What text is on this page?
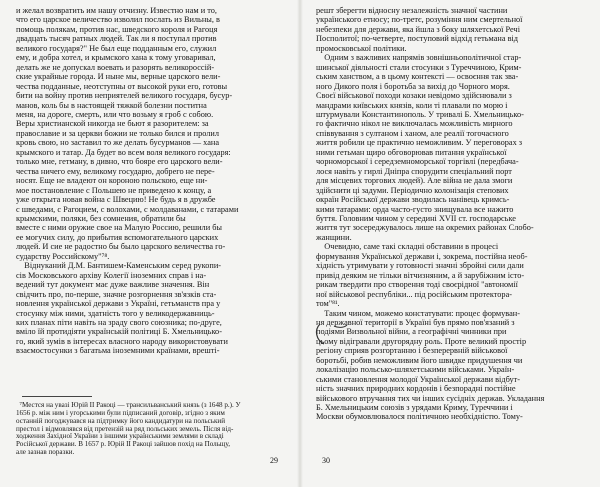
и желал возвратить им нашу отчизну. Известно нам и то,
что его царское величество изволил послать из Вильны, в
помощь полякам, против нас, шведского короля и Рагоця
двадцать тысяч ратных людей. Так ли я поступал против
великого государя?" Не был еще подданным его, служил
ему, и добра хотел, и крымского хана к тому уговаривал,
делать же не допускал воевать и разорять великороссій-
ские украйные города. И ныне мы, верные царского вели-
чества подданные, неотступны от высокой руки его, готовы
бити на войну против неприятелей великого государя, бусур-
манов, коль бы в настоящей тяжкой болезни поститна
меня, на дороге, смерть, или что возьму я гроб с собою.
Веры христианской никогда не бьют я разорителем: за
православие и за церкви божии не только бился и пролил
кровь свою, но заставил то же делать бусурманов — хана
крымского и татар. Да будет во всем воля великого государя:
только мне, гетману, в дивно, что бояре его царского вели-
чества ничего ему, великому государю, добрего не пере-
носят. Еще не владеют он короною польскою, еще ни-
мое постановление с Польшею не приведено к концу, а
уже открыта новая война с Швецию! Не будь я в дружбе
с шведами, с Рагоцием, с волохами, с молдаванами, с татарами
крымскими, поляки, без сомнения, обратили бы
вместе с ними оружие свое на Малую Россию, решили бы
ее могучих силу, до прибытия вспомогательного царских
людей. И сие не радостно бы было царского величества го-
сударству Российскому"⁷⁸.
Віднуканий Д.М. Бантишем-Каменським серед рукопи-
сів Московського архіву Колегії іноземних справ і на-
ведений тут документ має дуже важливе значення. Він
свідчить про, по-перше, значне розгорнення зв'язків ста-
новлення української держави з Україні, гетьманств пра у
стосунку між ними, здатність того у великодержавниць-
ких планах піти навіть на зраду свого союзника; по-друге,
вміло їй протидіяти українській політиці Б. Хмельницько-
го, який зумів в інтересах власного народу використовувати
взаємостосунки з багатьма іноземними країнами, врешті-
⁷Местся на увазі Юрій II Ракоці — трансильванський князь (з 1648 р.). У
1656 р. між ним і угорськими були підписаний договір, згідно з яким
останній погоджувався на підтримку його кандидатури на польський
престол і відмовлявся від претензій на ряд польських земель. Після від-
ходження Західної України з іншими українськими землями в складі
Російської держави. В 1657 р. Юрій II Ракоці зайшов похід на Польщу,
але зазнав поразки.
29
решт зберегти відносну незалежність значної частини
українського етносу; по-третє, розуміння ним смертельної
небезпеки для держави, яка йшла з боку шляхетської Речі
Посполитої; по-четверте, поступовий відхід гетьмана від
промосковської політики.
Одним з важливих напрямів зовнішньополітичної стар-
шинської діяльності стали стосунки з Туреччиною, Крим-
ським ханством, а в цьому контексті — освоєння так зва-
ного Дикого поля і боротьба за вихід до Чорного моря.
Своєї військової походи козаки невідомо здійснювали з
мандрами київських князів, коли ті плавали по морю і
штурмували Константинополь. У тривалі Б. Хмельницько-
го фактично нікол не виключалась можливість мирного
співвування з султаном і ханом, але реалії тогочасного
життя робили це практично неможливим. У переговорах з
ними гетьман щиро обговорював питання української
чорноморської і середземноморської торгівлі (передбача-
лося навіть у гирлі Дніпра спорудити спеціальний порт
для місцевих торгових людей). Але війна не дала змоги
здійснити ці задуми. Періодично колонізація степових
окраїн Російської держави зводилась нанівець кримсь-
кими татарами: орда часто-густо знищувала все нажито
буття. Головним чином у середині XVII ст. господарське
життя тут зосереджувалось лише на окремих районах Слобо-
жанщини.
Очевидно, саме такі складні обставини в процесі
формування Української держави і, зокрема, постійна необ-
хідність утримувати у готовності значні збройні сили дали
привід деяким не тільки вітчизняним, а й зарубіжним істо-
рикам твердити про створення тоді своєрідної "автономії
ної військової республіки... під російським протектора-
том"⁸¹.
Таким чином, можемо констатувати: процес формуван-
ня державної території в Україні був прямо пов'язаний з
подіями Визвольної війни, а географічні чинники при
цьому відігравали другорядну роль. Проте великий простір
регіону сприяв розгортанню і безперервній військової
боротьбі, робив неможливим його швидке придушення чи
локалізацію польсько-шляхетськими військами. Україн-
ськими становлення молодої Української держави відбут-
ність значних природних кордонів і безпорадні постійне
військового втручання тих чи інших сусідніх держав. Укладання
Б. Хмельницьким союзів з урядами Криму, Туреччини і
Москви обумовлювалося політичною необхідністю. Тому-
30
